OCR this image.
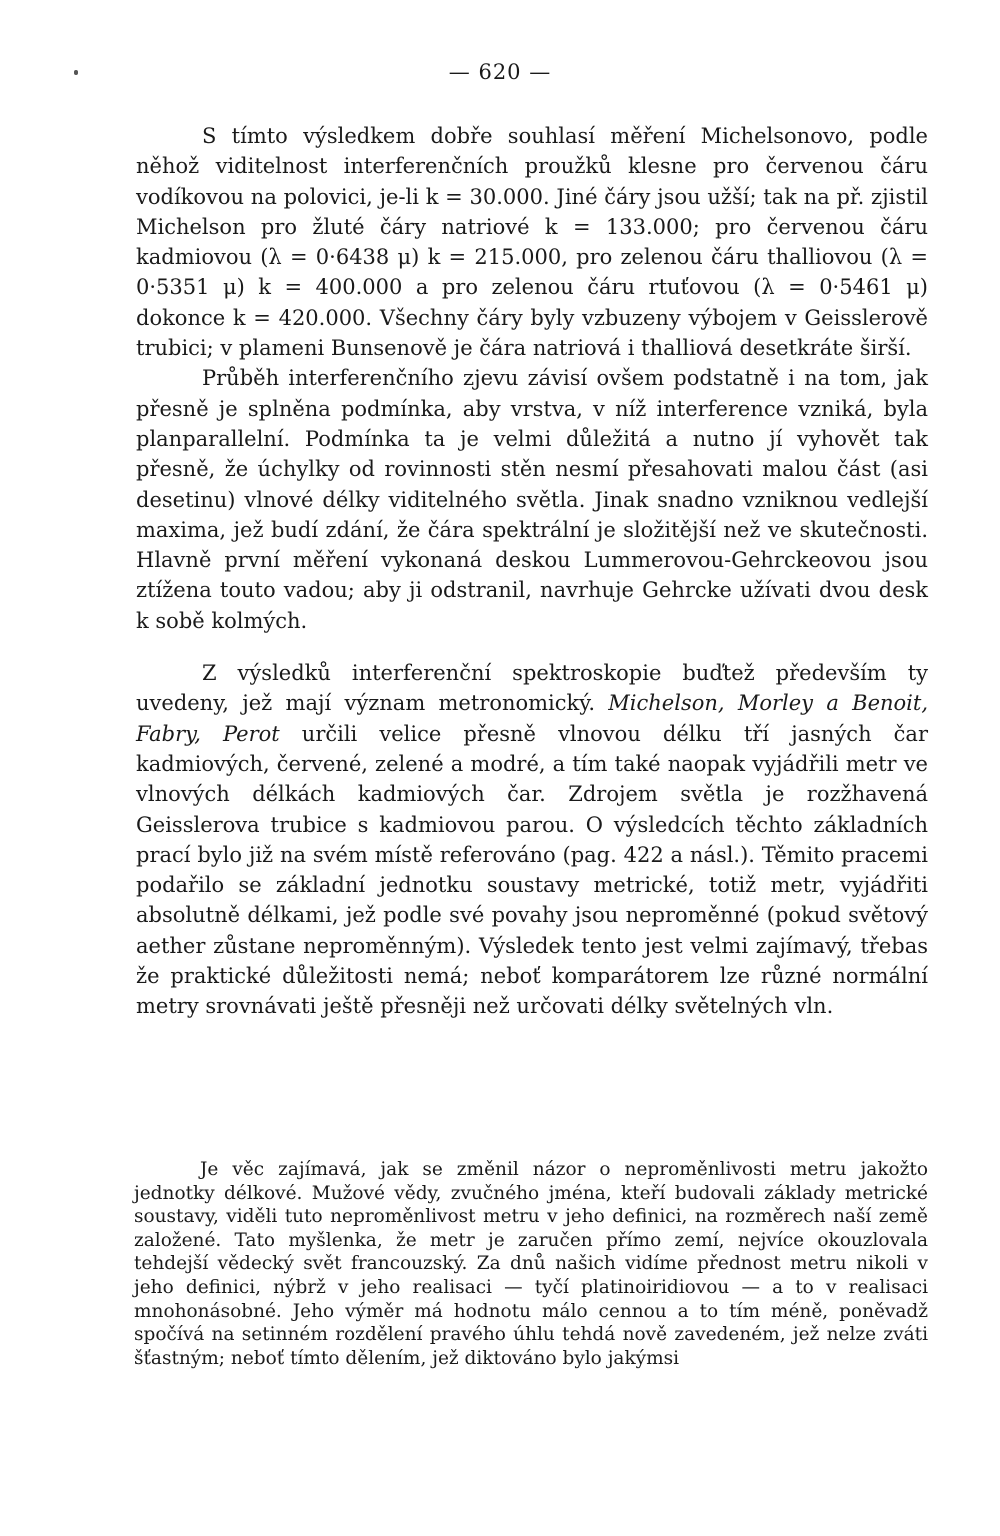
— 620 —

S tímto výsledkem dobře souhlasí měření Michelsonovo, podle něhož viditelnost interferenčních proužků klesne pro červenou čáru vodíkovou na polovici, je-li k = 30.000. Jiné čáry jsou užší; tak na př. zjistil Michelson pro žluté čáry natriové k = 133.000; pro červenou čáru kadmiovou (λ = 0·6438 μ) k = 215.000, pro zelenou čáru thalliovou (λ = 0·5351 μ) k = 400.000 a pro zelenou čáru rtuťovou (λ = 0·5461 μ) dokonce k = 420.000. Všechny čáry byly vzbuzeny výbojem v Geisslerově trubici; v plameni Bunsenově je čára natriová i thalliová desetkráte širší.

Průběh interferenčního zjevu závisí ovšem podstatně i na tom, jak přesně je splněna podmínka, aby vrstva, v níž interference vzniká, byla planparallelní. Podmínka ta je velmi důležitá a nutno jí vyhovět tak přesně, že úchylky od rovinnosti stěn nesmí přesahovati malou část (asi desetinu) vlnové délky viditelného světla. Jinak snadno vzniknou vedlejší maxima, jež budí zdání, že čára spektrální je složitější než ve skutečnosti. Hlavně první měření vykonaná deskou Lummerovou-Gehrckeovou jsou ztížena touto vadou; aby ji odstranil, navrhuje Gehrcke užívati dvou desk k sobě kolmých.

Z výsledků interferenční spektroskopie buďtež především ty uvedeny, jež mají význam metronomický. Michelson, Morley a Benoit, Fabry, Perot určili velice přesně vlnovou délku tří jasných čar kadmiových, červené, zelené a modré, a tím také naopak vyjádřili metr ve vlnových délkách kadmiových čar. Zdrojem světla je rozžhavená Geisslerova trubice s kadmiovou parou. O výsledcích těchto základních prací bylo již na svém místě referováno (pag. 422 a násl.). Těmito pracemi podařilo se základní jednotku soustavy metrické, totiž metr, vyjádřiti absolutně délkami, jež podle své povahy jsou neproměnné (pokud světový aether zůstane neproměnným). Výsledek tento jest velmi zajímavý, třebas že praktické důležitosti nemá; neboť komparátorem lze různé normální metry srovnávati ještě přesněji než určovati délky světelných vln.

Je věc zajímavá, jak se změnil názor o neproměnlivosti metru jakožto jednotky délkové. Mužové vědy, zvučného jména, kteří budovali základy metrické soustavy, viděli tuto neproměnlivost metru v jeho definici, na rozměrech naší země založené. Tato myšlenka, že metr je zaručen přímo zemí, nejvíce okouzlovala tehdejší vědecký svět francouzský. Za dnů našich vidíme přednost metru nikoli v jeho definici, nýbrž v jeho realisaci — tyčí platinoiridiovou — a to v realisaci mnohonásobné. Jeho výměr má hodnotu málo cennou a to tím méně, poněvadž spočívá na setinném rozdělení pravého úhlu tehdá nově zavedeném, jež nelze zváti šťastným; neboť tímto dělením, jež diktováno bylo jakýmsi
